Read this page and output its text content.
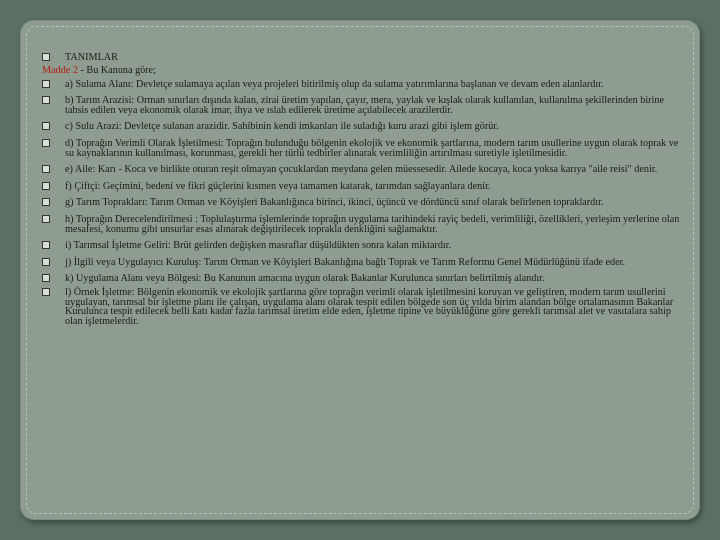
TANIMLAR
Madde 2 - Bu Kanuna göre;
a) Sulama Alanı: Devletçe sulamaya açılan veya projeleri bitirilmiş olup da sulama yatırımlarına başlanan ve devam eden alanlardır.
b) Tarım Arazisi: Orman sınırları dışında kalan, zirai üretim yapılan, çayır, mera, yaylak ve kışlak olarak kullanılan, kullanılma şekillerinden birine tahsis edilen veya ekonomik olarak imar, ihya ve ıslah edilerek üretime açılabilecek arazilerdir.
c) Sulu Arazi: Devletçe sulanan arazidir. Sahibinin kendi imkanları ile suladığı kuru arazi gibi işlem görür.
d) Toprağın Verimli Olarak İşletilmesi: Toprağın bulunduğu bölgenin ekolojik ve ekonomik şartlarına, modern tarım usullerine uygun olarak toprak ve su kaynaklarının kullanılması, korunması, gerekli her türlü tedbirler alınarak verimliliğin artırılması suretiyle işletilmesidir.
e) Aile: Karı - Koca ve birlikte oturan reşit olmayan çocuklardan meydana gelen müessesedir. Ailede kocaya, koca yoksa karıya "aile reisi" denir.
f) Çiftçi: Geçimini, bedeni ve fikri güçlerini kısmen veya tamamen katarak, tarımdan sağlayanlara denir.
g) Tarım Toprakları: Tarım Orman ve Köyişleri Bakanlığınca birinci, ikinci, üçüncü ve dördüncü sınıf olarak belirlenen topraklardır.
h) Toprağın Derecelendirilmesi : Toplulaştırma işlemlerinde toprağın uygulama tarihindeki rayiç bedeli, verimliliği, özellikleri, yerleşim yerlerine olan mesafesi, konumu gibi unsurlar esas alınarak değiştirilecek toprakla denkliğini sağlamaktır.
i) Tarımsal İşletme Geliri: Brüt gelirden değişken masraflar düşüldükten sonra kalan miktardır.
j) İlgili veya Uygulayıcı Kuruluş: Tarım Orman ve Köyişleri Bakanlığına bağlı Toprak ve Tarım Reformu Genel Müdürlüğünü ifade eder.
k) Uygulama Alanı veya Bölgesi: Bu Kanunun amacına uygun olarak Bakanlar Kurulunca sınırları belirtilmiş alandır.
l) Örnek İşletme: Bölgenin ekonomik ve ekolojik şartlarına göre toprağın verimli olarak işletilmesini koruyan ve geliştiren, modern tarım usullerini uygulayan, tarımsal bir işletme planı ile çalışan, uygulama alanı olarak tespit edilen bölgede son üç yılda birim alandan bölge ortalamasının Bakanlar Kurulunca tespit edilecek belli katı kadar fazla tarımsal üretim elde eden, işletme tipine ve büyüklüğüne göre gerekli tarımsal alet ve vasıtalara sahip olan işletmelerdir.
